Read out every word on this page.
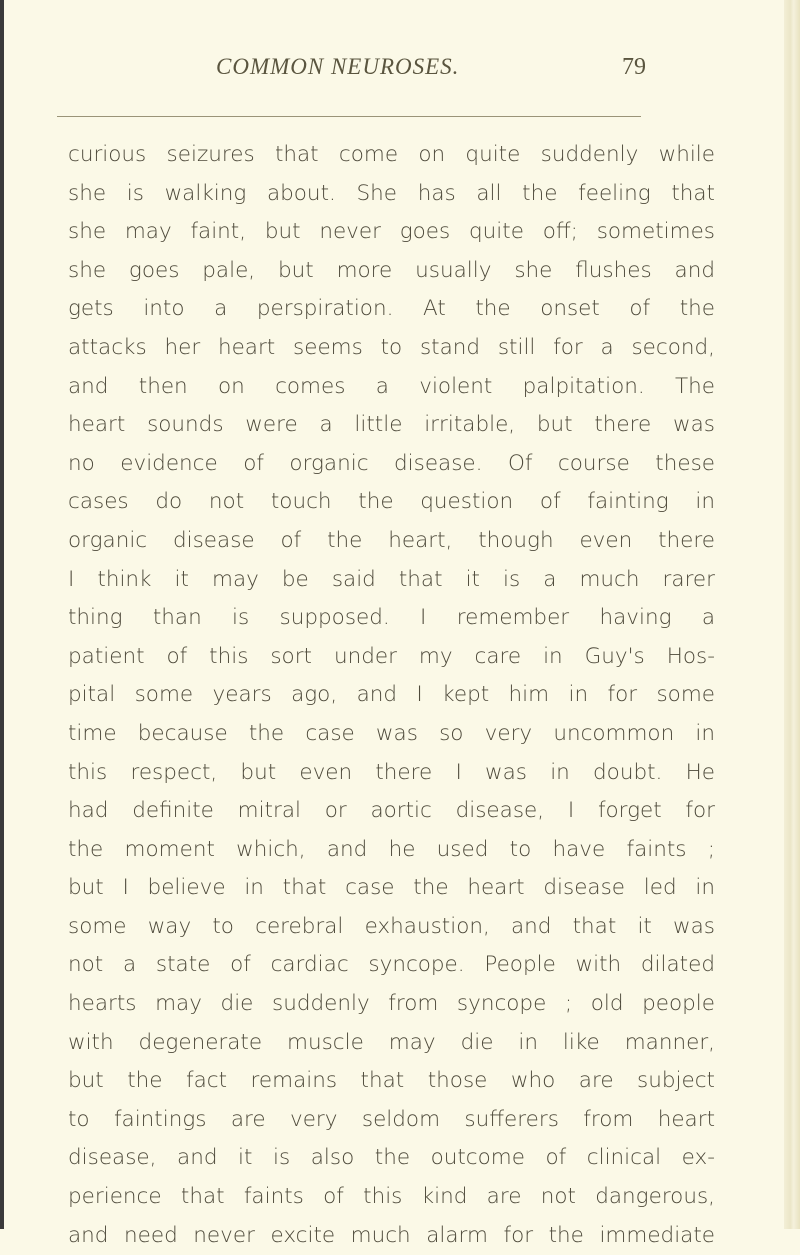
COMMON NEUROSES.	79
curious seizures that come on quite suddenly while
she is walking about. She has all the feeling that
she may faint, but never goes quite off; sometimes
she goes pale, but more usually she flushes and
gets into a perspiration. At the onset of the
attacks her heart seems to stand still for a second,
and then on comes a violent palpitation. The
heart sounds were a little irritable, but there was
no evidence of organic disease. Of course these
cases do not touch the question of fainting in
organic disease of the heart, though even there
I think it may be said that it is a much rarer
thing than is supposed. I remember having a
patient of this sort under my care in Guy's Hos-
pital some years ago, and I kept him in for some
time because the case was so very uncommon in
this respect, but even there I was in doubt. He
had definite mitral or aortic disease, I forget for
the moment which, and he used to have faints ;
but I believe in that case the heart disease led in
some way to cerebral exhaustion, and that it was
not a state of cardiac syncope. People with dilated
hearts may die suddenly from syncope ; old people
with degenerate muscle may die in like manner,
but the fact remains that those who are subject
to faintings are very seldom sufferers from heart
disease, and it is also the outcome of clinical ex-
perience that faints of this kind are not dangerous,
and need never excite much alarm for the immediate
